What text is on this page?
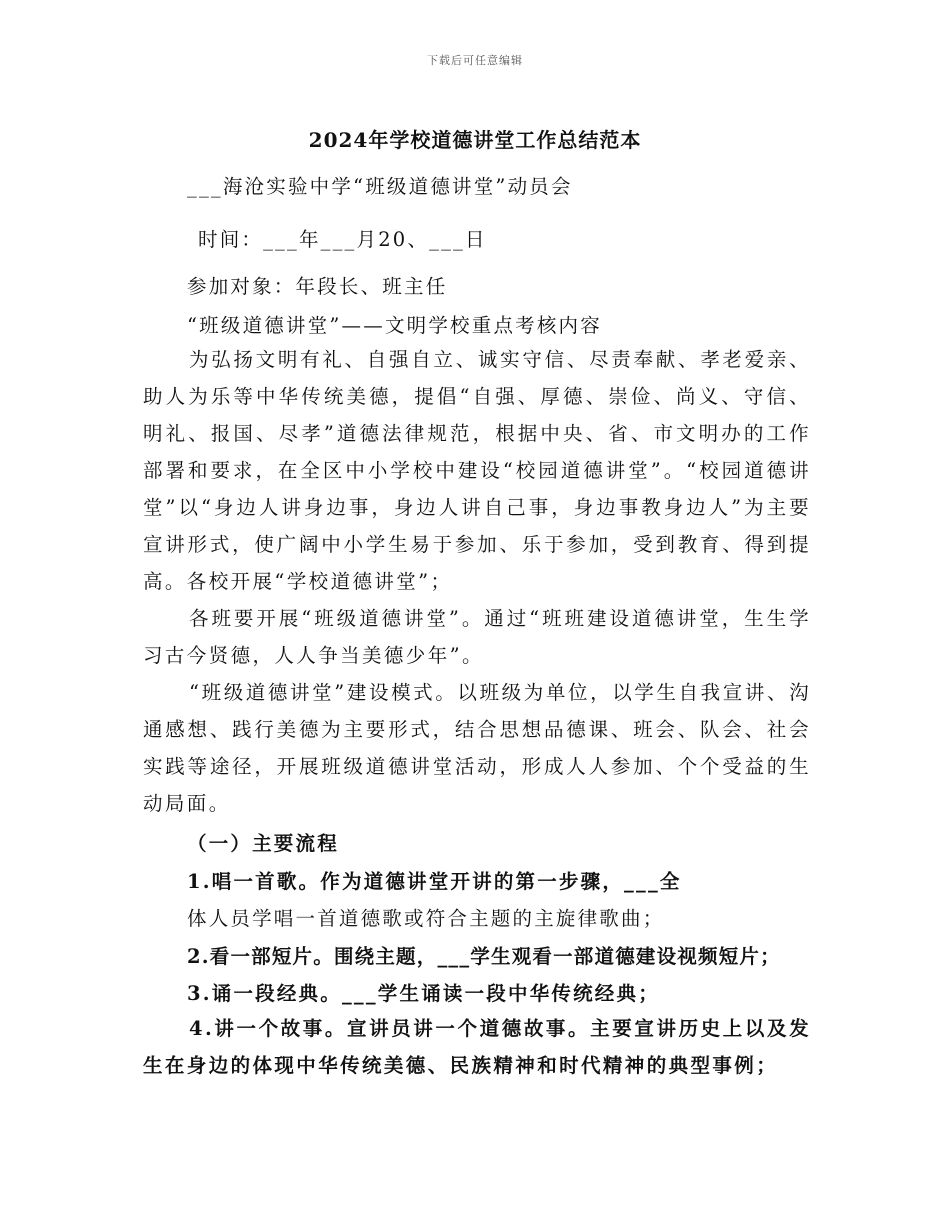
下载后可任意编辑
2024年学校道德讲堂工作总结范本
___海沧实验中学“班级道德讲堂”动员会
时间：___年___月20、___日
参加对象：年段长、班主任
“班级道德讲堂”——文明学校重点考核内容
为弘扬文明有礼、自强自立、诚实守信、尽责奉献、孝老爱亲、助人为乐等中华传统美德，提倡“自强、厚德、崇俭、尚义、守信、明礼、报国、尽孝”道德法律规范，根据中央、省、市文明办的工作部署和要求，在全区中小学校中建设“校园道德讲堂”。“校园道德讲堂”以“身边人讲身边事，身边人讲自己事，身边事教身边人”为主要宣讲形式，使广阔中小学生易于参加、乐于参加，受到教育、得到提高。各校开展“学校道德讲堂”；
各班要开展“班级道德讲堂”。通过“班班建设道德讲堂，生生学习古今贤德，人人争当美德少年”。
“班级道德讲堂”建设模式。以班级为单位，以学生自我宣讲、沟通感想、践行美德为主要形式，结合思想品德课、班会、队会、社会实践等途径，开展班级道德讲堂活动，形成人人参加、个个受益的生动局面。
（一）主要流程
1.唱一首歌。作为道德讲堂开讲的第一步骤，___全
体人员学唱一首道德歌或符合主题的主旋律歌曲；
2.看一部短片。围绕主题，___学生观看一部道德建设视频短片；
3.诵一段经典。___学生诵读一段中华传统经典；
4.讲一个故事。宣讲员讲一个道德故事。主要宣讲历史上以及发生在身边的体现中华传统美德、民族精神和时代精神的典型事例；
